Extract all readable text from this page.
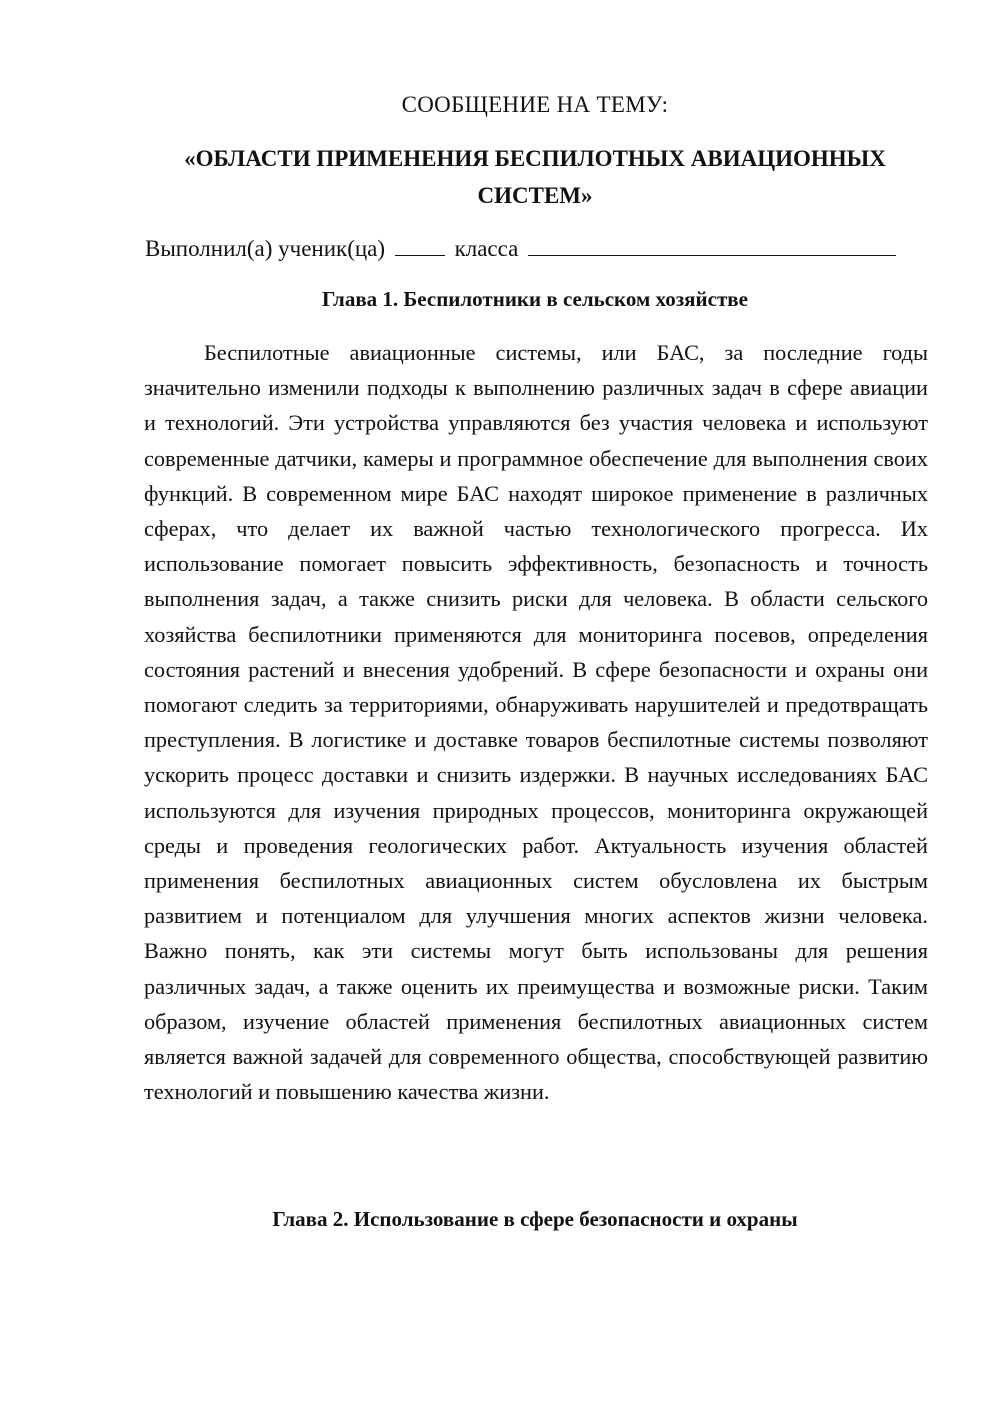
СООБЩЕНИЕ НА ТЕМУ:
«ОБЛАСТИ ПРИМЕНЕНИЯ БЕСПИЛОТНЫХ АВИАЦИОННЫХ СИСТЕМ»
Выполнил(а) ученик(ца)	класса
Глава 1. Беспилотники в сельском хозяйстве

Беспилотные авиационные системы, или БАС, за последние годы значительно изменили подходы к выполнению различных задач в сфере авиации и технологий. Эти устройства управляются без участия человека и используют современные датчики, камеры и программное обеспечение для выполнения своих функций. В современном мире БАС находят широкое применение в различных сферах, что делает их важной частью технологического прогресса. Их использование помогает повысить эффективность, безопасность и точность выполнения задач, а также снизить риски для человека. В области сельского хозяйства беспилотники применяются для мониторинга посевов, определения состояния растений и внесения удобрений. В сфере безопасности и охраны они помогают следить за территориями, обнаруживать нарушителей и предотвращать преступления. В логистике и доставке товаров беспилотные системы позволяют ускорить процесс доставки и снизить издержки. В научных исследованиях БАС используются для изучения природных процессов, мониторинга окружающей среды и проведения геологических работ. Актуальность изучения областей применения беспилотных авиационных систем обусловлена их быстрым развитием и потенциалом для улучшения многих аспектов жизни человека. Важно понять, как эти системы могут быть использованы для решения различных задач, а также оценить их преимущества и возможные риски. Таким образом, изучение областей применения беспилотных авиационных систем является важной задачей для современного общества, способствующей развитию технологий и повышению качества жизни.

Глава 2. Использование в сфере безопасности и охраны
